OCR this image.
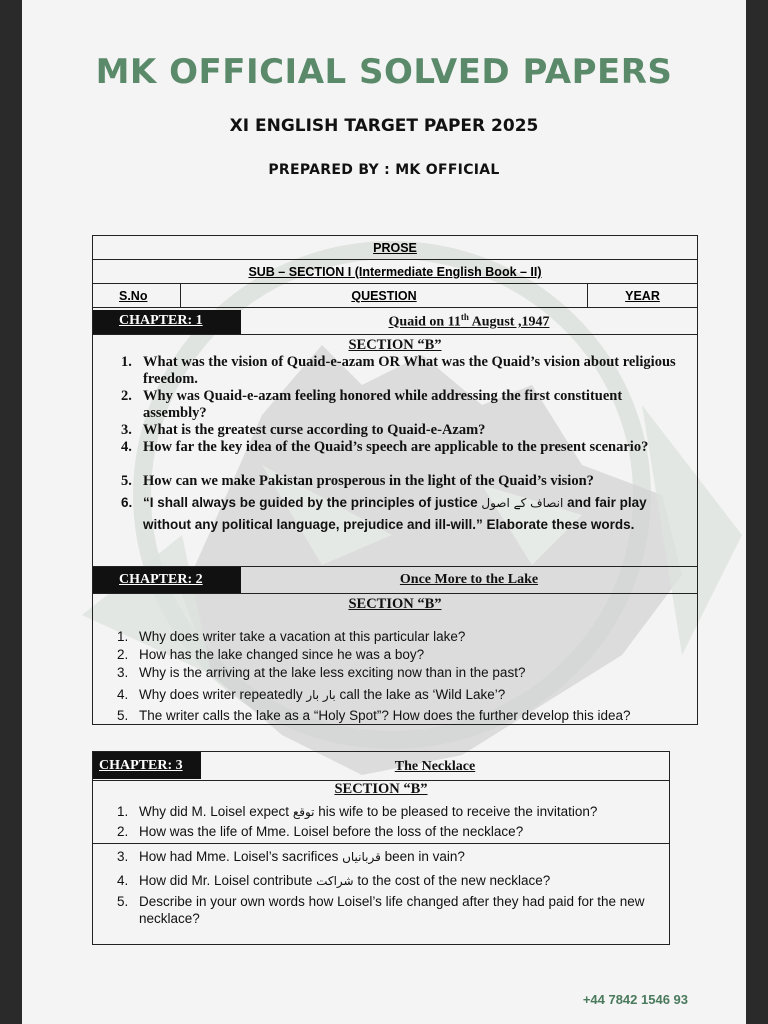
MK OFFICIAL SOLVED PAPERS
XI ENGLISH TARGET PAPER 2025
PREPARED BY : MK OFFICIAL
PROSE
SUB – SECTION I (Intermediate English Book – II)
S.No	QUESTION	YEAR
CHAPTER: 1	Quaid on 11th August ,1947
SECTION “B”
1. What was the vision of Quaid-e-azam OR What was the Quaid’s vision about religious freedom.
2. Why was Quaid-e-azam feeling honored while addressing the first constituent assembly?
3. What is the greatest curse according to Quaid-e-Azam?
4. How far the key idea of the Quaid’s speech are applicable to the present scenario?
5. How can we make Pakistan prosperous in the light of the Quaid’s vision?
6. “I shall always be guided by the principles of justice انصاف کے اصول and fair play without any political language, prejudice and ill-will.” Elaborate these words.
CHAPTER: 2	Once More to the Lake
SECTION “B”
1. Why does writer take a vacation at this particular lake?
2. How has the lake changed since he was a boy?
3. Why is the arriving at the lake less exciting now than in the past?
4. Why does writer repeatedly بار بار call the lake as ‘Wild Lake’?
5. The writer calls the lake as a “Holy Spot”? How does the further develop this idea?
CHAPTER: 3	The Necklace
SECTION “B”
1. Why did M. Loisel expect توقع his wife to be pleased to receive the invitation?
2. How was the life of Mme. Loisel before the loss of the necklace?
3. How had Mme. Loisel’s sacrifices قربانیاں been in vain?
4. How did Mr. Loisel contribute شراکت to the cost of the new necklace?
5. Describe in your own words how Loisel’s life changed after they had paid for the new necklace?
+44 7842 1546 93
